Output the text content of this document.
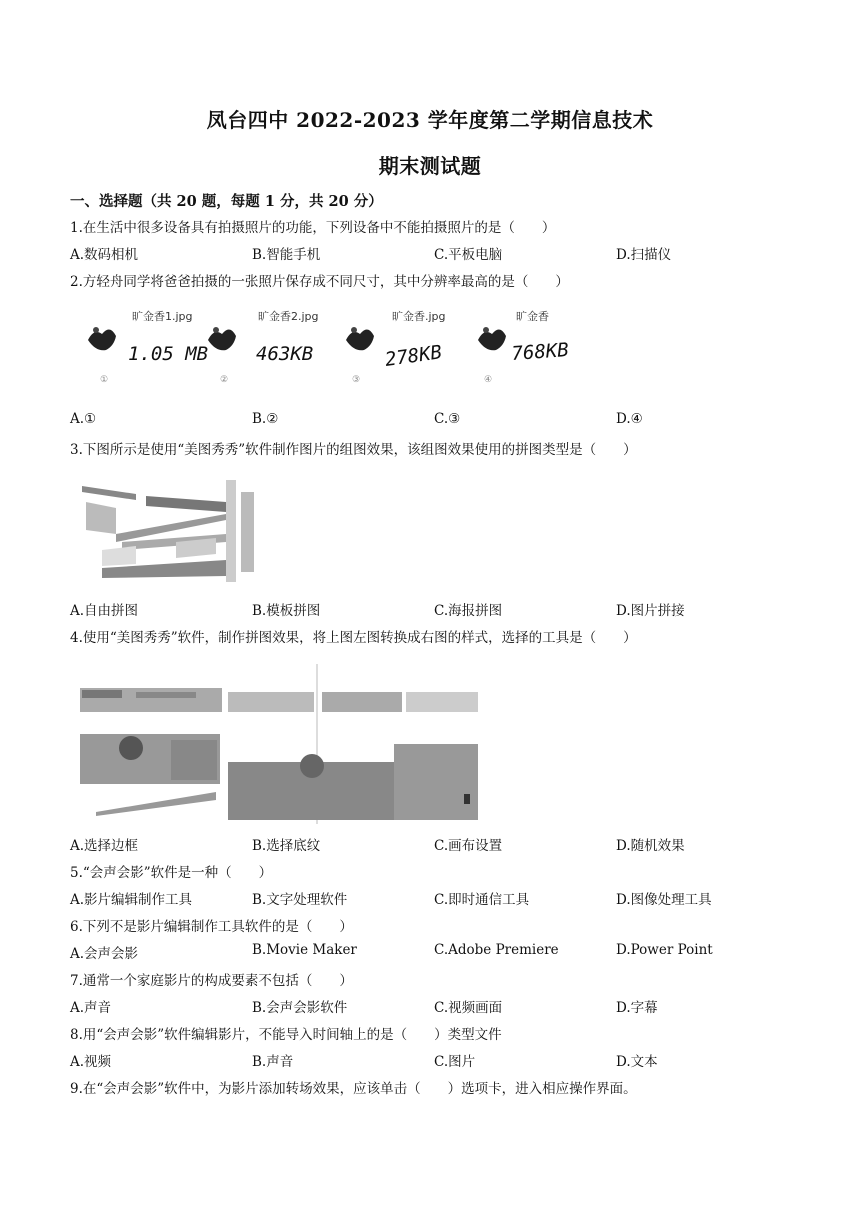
凤台四中 2022-2023 学年度第二学期信息技术
期末测试题
一、选择题（共 20 题，每题 1 分，共 20 分）
1.在生活中很多设备具有拍摄照片的功能，下列设备中不能拍摄照片的是（　　）
A.数码相机	B.智能手机	C.平板电脑	D.扫描仪
2.方轻舟同学将爸爸拍摄的一张照片保存成不同尺寸，其中分辨率最高的是（　　）
旷金香1.jpg
1.05 MB
①
旷金香2.jpg
463KB
②
旷金香.jpg
278KB
③
旷金香
768KB
④
A.①	B.②	C.③	D.④
3.下图所示是使用“美图秀秀”软件制作图片的组图效果，该组图效果使用的拼图类型是（　　）
A.自由拼图	B.模板拼图	C.海报拼图	D.图片拼接
4.使用“美图秀秀”软件，制作拼图效果，将上图左图转换成右图的样式，选择的工具是（　　）
A.选择边框	B.选择底纹	C.画布设置	D.随机效果
5.“会声会影”软件是一种（　　）
A.影片编辑制作工具	B.文字处理软件	C.即时通信工具	D.图像处理工具
6.下列不是影片编辑制作工具软件的是（　　）
A.会声会影	B.Movie Maker	C.Adobe Premiere	D.Power Point
7.通常一个家庭影片的构成要素不包括（　　）
A.声音	B.会声会影软件	C.视频画面	D.字幕
8.用“会声会影”软件编辑影片，不能导入时间轴上的是（　　）类型文件
A.视频	B.声音	C.图片	D.文本
9.在“会声会影”软件中，为影片添加转场效果，应该单击（　　）选项卡，进入相应操作界面。
